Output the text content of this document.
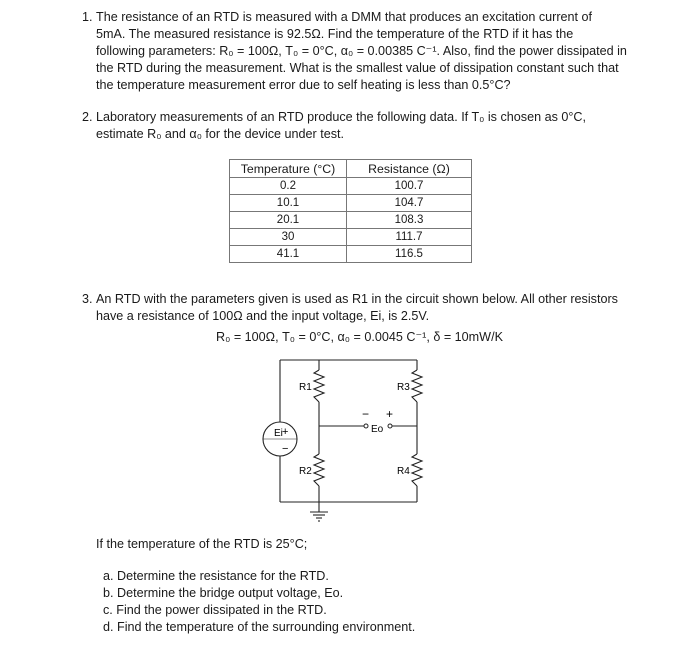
1. The resistance of an RTD is measured with a DMM that produces an excitation current of
5mA. The measured resistance is 92.5Ω. Find the temperature of the RTD if it has the
following parameters: R₀ = 100Ω, T₀ = 0°C, α₀ = 0.00385 C⁻¹. Also, find the power dissipated in
the RTD during the measurement. What is the smallest value of dissipation constant such that
the temperature measurement error due to self heating is less than 0.5°C?
2. Laboratory measurements of an RTD produce the following data. If T₀ is chosen as 0°C,
estimate R₀ and α₀ for the device under test.
Temperature (°C)	Resistance (Ω)
0.2	100.7
10.1	104.7
20.1	108.3
30	111.7
41.1	116.5
3. An RTD with the parameters given is used as R1 in the circuit shown below. All other resistors
have a resistance of 100Ω and the input voltage, Ei, is 2.5V.
R₀ = 100Ω, T₀ = 0°C, α₀ = 0.0045 C⁻¹, δ = 10mW/K
Ei +
−
− +
Eo
R1
R2
R3
R4
If the temperature of the RTD is 25°C;
a. Determine the resistance for the RTD.
b. Determine the bridge output voltage, Eo.
c. Find the power dissipated in the RTD.
d. Find the temperature of the surrounding environment.
